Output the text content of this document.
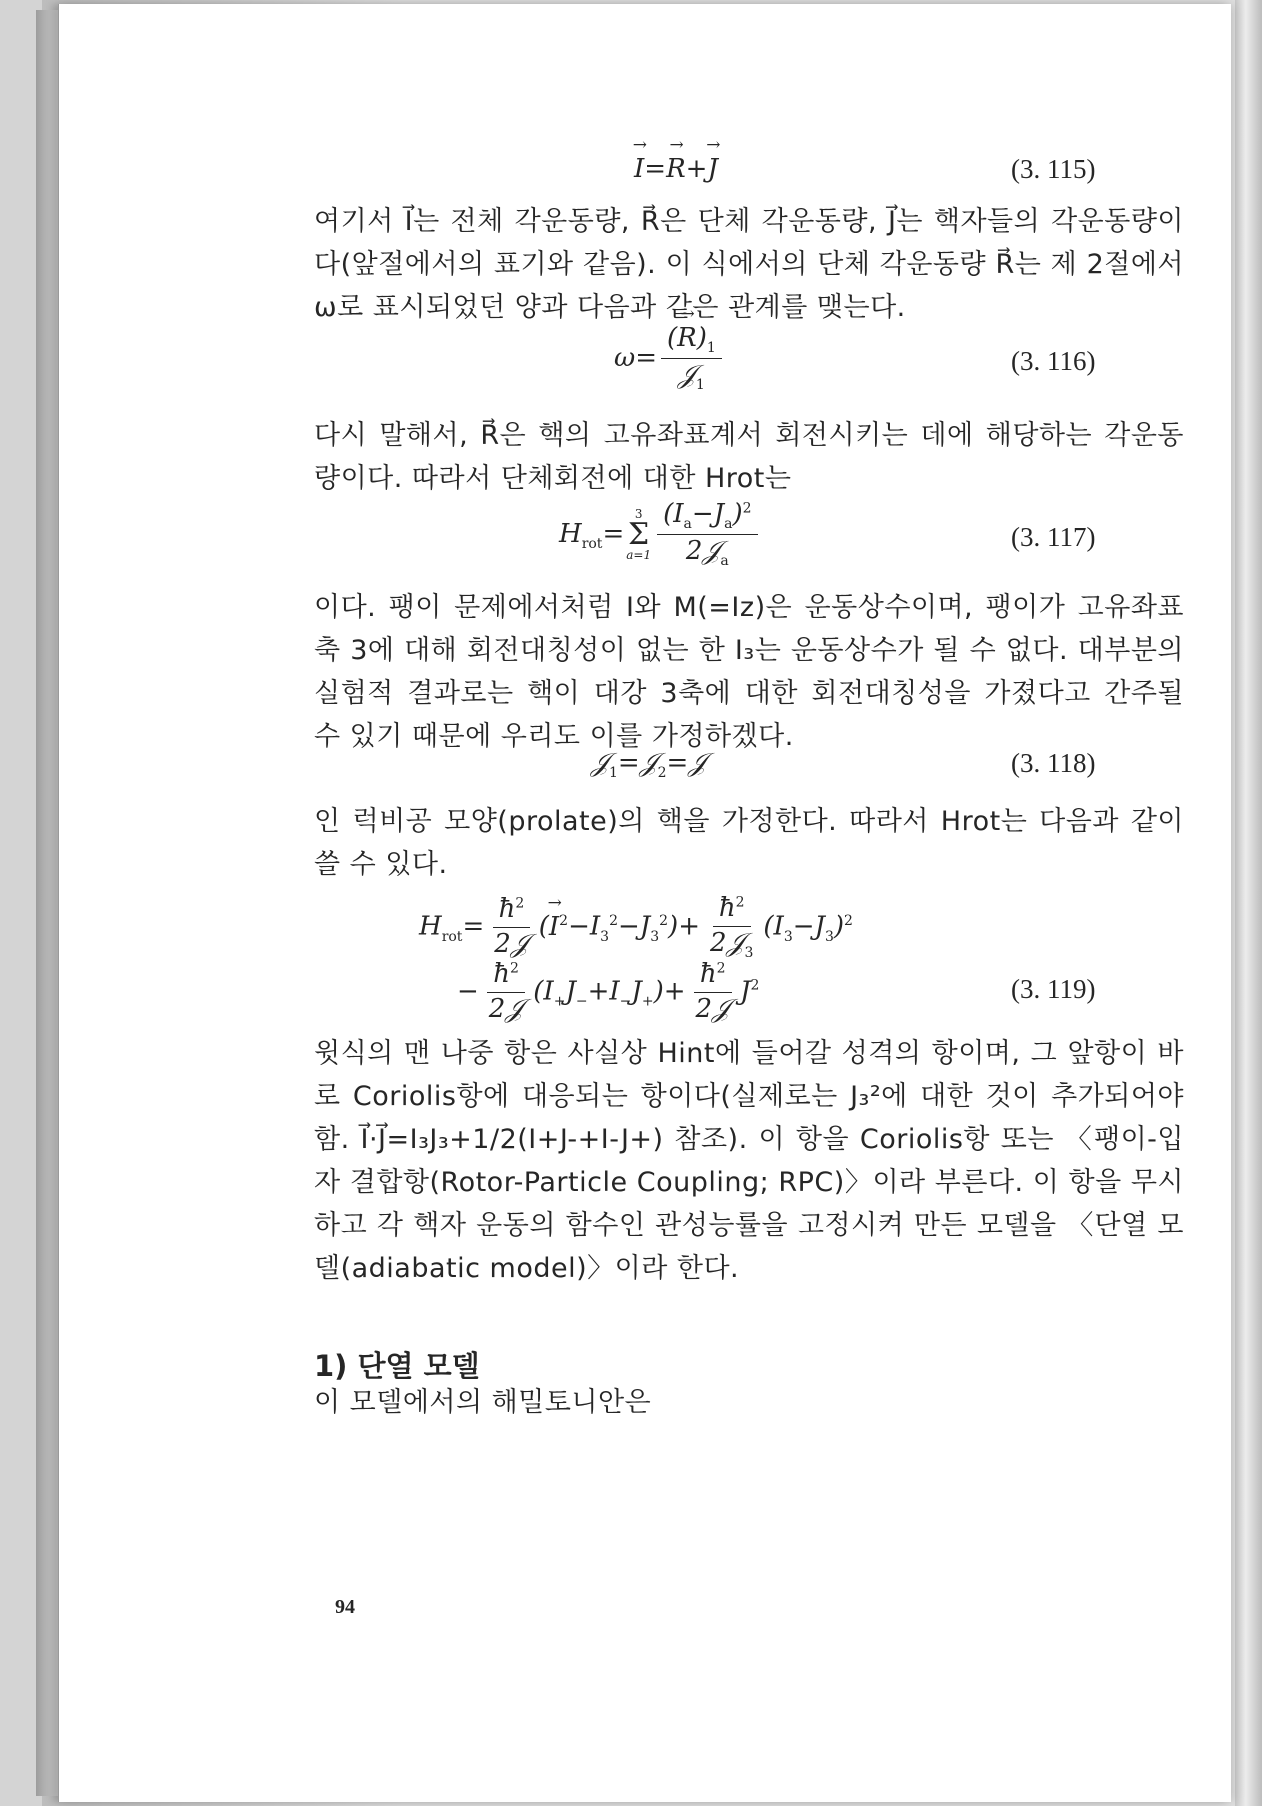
→ I=→ R+→ J	(3. 115)
여기서 I⃗는 전체 각운동량, R⃗은 단체 각운동량, J⃗는 핵자들의 각운동량이다(앞절에서의 표기와 같음). 이 식에서의 단체 각운동량 R⃗는 제 2절에서 ω로 표시되었던 양과 다음과 같은 관계를 맺는다.
$\omega= \frac{(\to R)_1}{𝒥_1}$	(3. 116)
다시 말해서, R⃗은 핵의 고유좌표계서 회전시키는 데에 해당하는 각운동량이다. 따라서 단체회전에 대한 Hrot는
$H_{rot}=$
3
Σ
$a=1 \frac{(I_a-J_a)^2}{2𝒥_a}$	(3. 117)
이다. 팽이 문제에서처럼 I와 M(=Iz)은 운동상수이며, 팽이가 고유좌표축 3에 대해 회전대칭성이 없는 한 I₃는 운동상수가 될 수 없다. 대부분의 실험적 결과로는 핵이 대강 3축에 대한 회전대칭성을 가졌다고 간주될 수 있기 때문에 우리도 이를 가정하겠다.
𝒥$_1$=𝒥$_2$=𝒥	(3. 118)
인 럭비공 모양(prolate)의 핵을 가정한다. 따라서 Hrot는 다음과 같이 쓸 수 있다.
$H_{rot}= \frac{ħ^2}{\text{2𝒥}}$ (→ $I^2-I_3^2-J_3^2)+ \frac{ħ^2}{2𝒥_3} (I_3-J_3)^2$
− $\frac{ħ^2}{\text{2𝒥}} (I_+J_-+I_-J_+)+ \frac{ħ^2}{\text{2𝒥}} J^2$	(3. 119)
윗식의 맨 나중 항은 사실상 Hint에 들어갈 성격의 항이며, 그 앞항이 바로 Coriolis항에 대응되는 항이다(실제로는 J₃²에 대한 것이 추가되어야 함. I⃗·J⃗=I₃J₃+1/2(I+J-+I-J+) 참조). 이 항을 Coriolis항 또는 〈팽이-입자 결합항(Rotor-Particle Coupling; RPC)〉이라 부른다. 이 항을 무시하고 각 핵자 운동의 함수인 관성능률을 고정시켜 만든 모델을 〈단열 모델(adiabatic model)〉이라 한다.
1) 단열 모델
이 모델에서의 해밀토니안은
94
